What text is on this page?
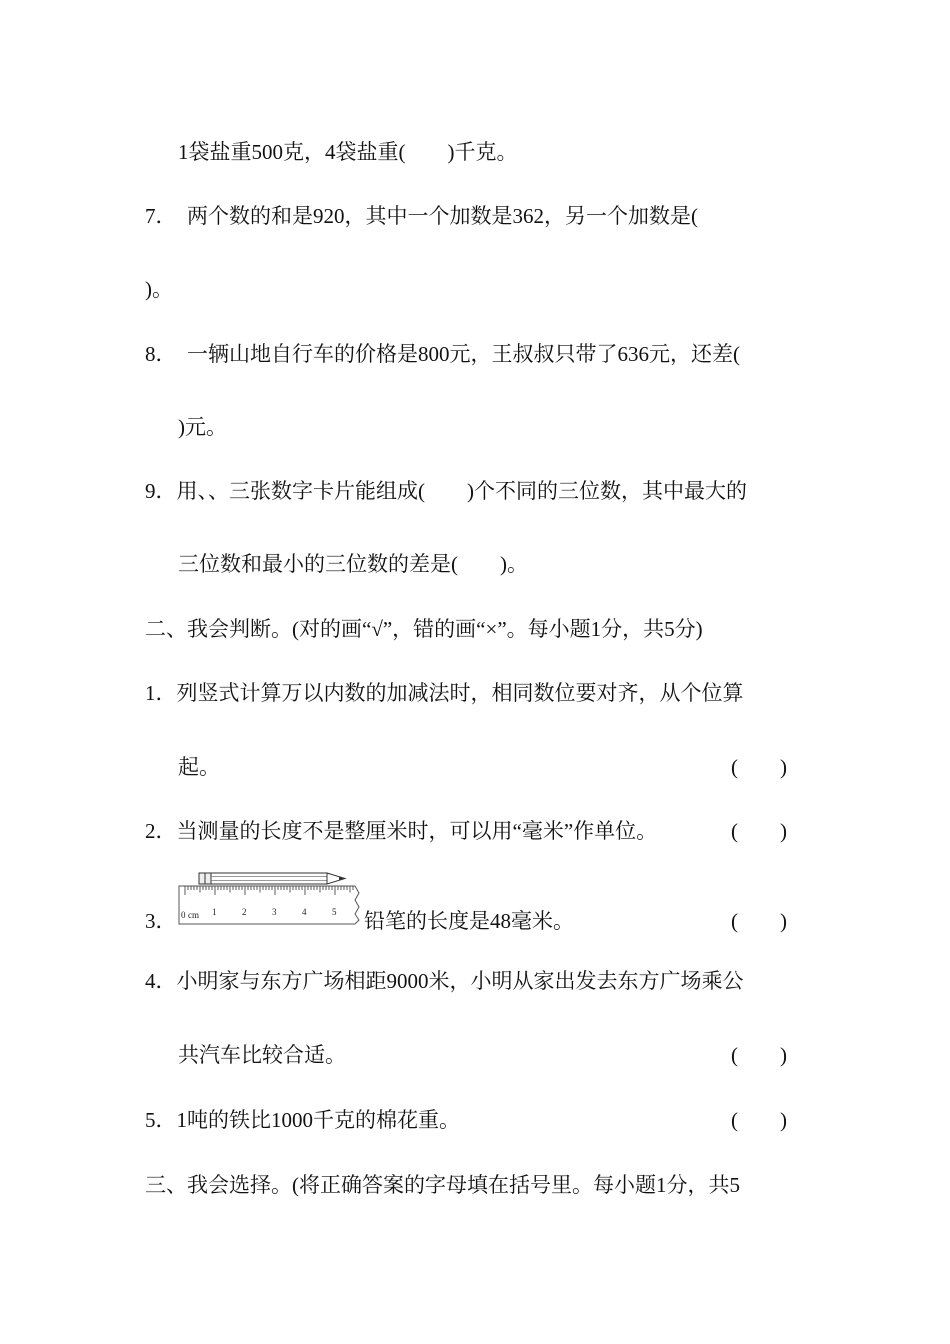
1袋盐重500克，4袋盐重(　　)千克。
7．  两个数的和是920，其中一个加数是362，另一个加数是(
)。
8．  一辆山地自行车的价格是800元，王叔叔只带了636元，还差(
)元。
9．用、、三张数字卡片能组成(　　)个不同的三位数，其中最大的
三位数和最小的三位数的差是(　　)。
二、我会判断。(对的画“√”，错的画“×”。每小题1分，共5分)
1．列竖式计算万以内数的加减法时，相同数位要对齐，从个位算
起。	(　　)
2．当测量的长度不是整厘米时，可以用“毫米”作单位。	(　　)
3． 0 cm 1	2	3	4	5 铅笔的长度是48毫米。	(　　)
4．小明家与东方广场相距9000米，小明从家出发去东方广场乘公
共汽车比较合适。	(　　)
5．1吨的铁比1000千克的棉花重。	(　　)
三、我会选择。(将正确答案的字母填在括号里。每小题1分，共5
